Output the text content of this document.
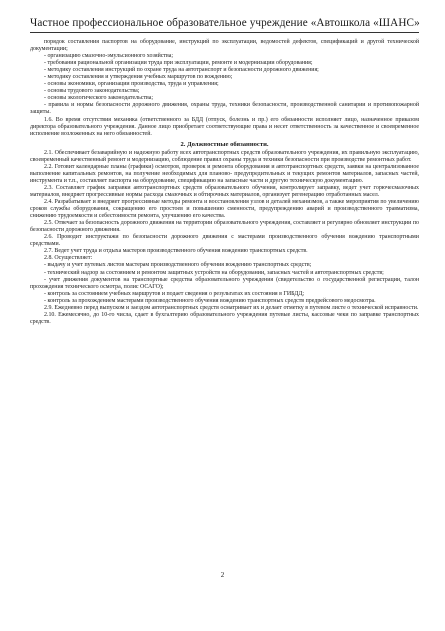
Частное профессиональное образовательное учреждение «Автошкола «ШАНС»

порядок составления паспортов на оборудование, инструкций по эксплуатации, ведомостей дефектов, спецификаций и другой технической документации;

- организацию смазочно-эмульсионного хозяйства;

- требования рациональной организации труда при эксплуатации, ремонте и модернизации оборудования;

- методику составления инструкций по охране труда на автотранспорт и безопасности дорожного движения;

- методику составления и утверждения учебных маршрутов по вождению;

- основы экономики, организации производства, труда и управления;

- основы трудового законодательства;

- основы экологического законодательства;

- правила и нормы безопасности дорожного движения, охраны труда, техники безопасности, производственной санитарии и противопожарной защиты.

1.6. Во время отсутствия механика (ответственного за БДД (отпуск, болезнь и пр.) его обязанности исполняет лицо, назначенное приказом директора образовательного учреждения. Данное лицо приобретает соответствующие права и несет ответственность за качественное и своевременное исполнение возложенных на него обязанностей.

2. Должностные обязанности.

2.1. Обеспечивает безаварийную и надежную работу всех автотранспортных средств образовательного учреждения, их правильную эксплуатацию, своевременный качественный ремонт и модернизацию, соблюдение правил охраны труда и техники безопасности при производстве ремонтных работ.

2.2. Готовит календарные планы (графики) осмотров, проверок и ремонта оборудования и автотранспортных средств, заявки на централизованное выполнение капитальных ремонтов, на получение необходимых для планово- предупредительных и текущих ремонтов материалов, запасных частей, инструмента и т.п., составляет паспорта на оборудование, спецификацию на запасные части и другую техническую документацию.

2.3. Составляет график заправки автотранспортных средств образовательного обучения, контролирует заправку, ведет учет горючесмазочных материалов, внедряет прогрессивные нормы расхода смазочных и обтирочных материалов, организует регенерацию отработанных масел.

2.4. Разрабатывает и внедряет прогрессивные методы ремонта и восстановления узлов и деталей механизмов, а также мероприятия по увеличению сроков службы оборудования, сокращению его простоев и повышению сменности, предупреждению аварий и производственного травматизма, снижению трудоемкости и себестоимости ремонта, улучшению его качества.

2.5. Отвечает за безопасность дорожного движения на территории образовательного учреждения, составляет и регулярно обновляет инструкции по безопасности дорожного движения.

2.6. Проводит инструктажи по безопасности дорожного движения с мастерами производственного обучения вождению транспортными средствами.

2.7. Ведет учет труда и отдыха мастеров производственного обучения вождению транспортных средств.

2.8. Осуществляет:

- выдачу и учет путевых листов мастерам производственного обучения вождению транспортных средств;

- технический надзор за состоянием и ремонтом защитных устройств на оборудовании, запасных частей и автотранспортных средств;

- учет движения документов на транспортные средства образовательного учреждения (свидетельство о государственной регистрации, талон прохождения технического осмотра, полис ОСАГО);

- контроль за состоянием учебных маршрутов и подает сведения о результатах их состояния в ГИБДД;

- контроль за прохождением мастерами производственного обучения вождению транспортных средств предрейсового медосмотра.

2.9. Ежедневно перед выпуском и заездом автотранспортных средств осматривает их и делает отметку в путевом листе о технической исправности.

2.10. Ежемесячно, до 10-го числа, сдает в бухгалтерию образовательного учреждения путевые листы, кассовые чеки по заправке транспортных средств.

2
